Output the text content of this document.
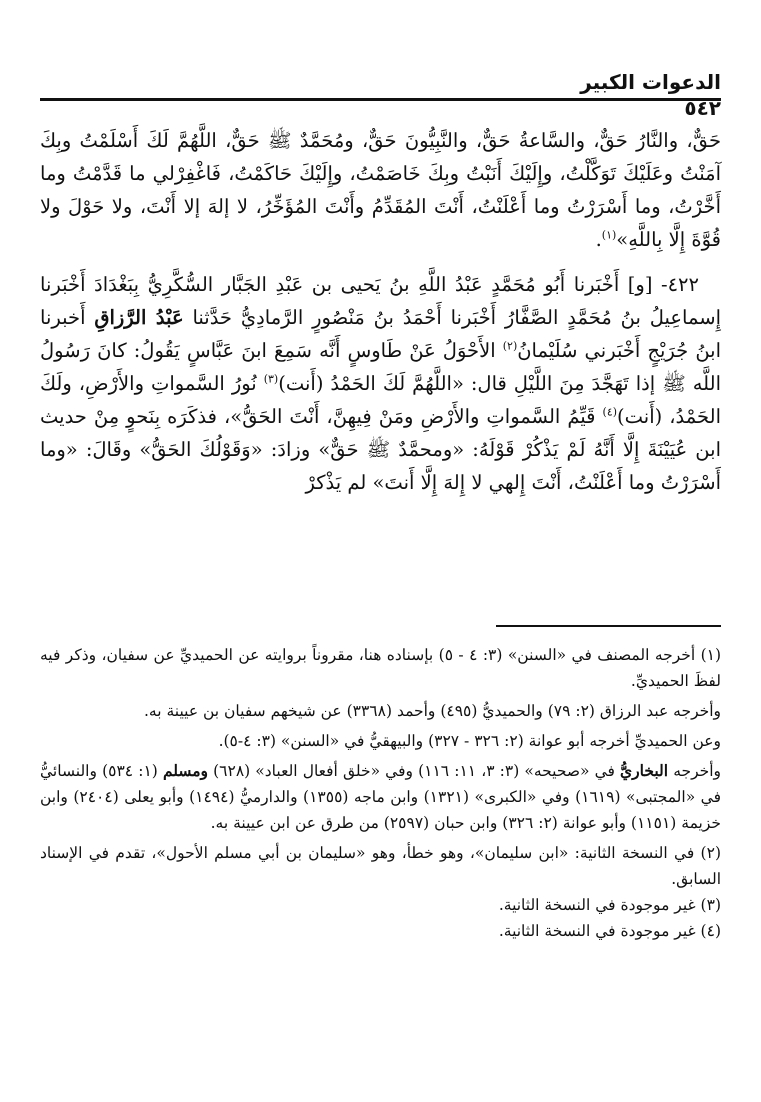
الدعوات الكبير
٥٤٢

حَقٌّ، والنَّارُ حَقٌّ، والسَّاعةُ حَقٌّ، والنَّبِيُّونَ حَقٌّ، ومُحَمَّدٌ ﷺ حَقٌّ، اللَّهُمَّ لَكَ أَسْلَمْتُ وبِكَ آمَنْتُ وعَلَيْكَ تَوَكَّلْتُ، وإِلَيْكَ أَنَبْتُ وبِكَ خَاصَمْتُ، وإِلَيْكَ حَاكَمْتُ، فَاغْفِرْلي ما قَدَّمْتُ وما أَخَّرْتُ، وما أَسْرَرْتُ وما أَعْلَنْتُ، أَنْتَ المُقَدِّمُ وأَنْتَ المُؤَخِّرُ، لا إلهَ إلا أَنْتَ، ولا حَوْلَ ولا قُوَّةَ إِلَّا بِاللَّهِ»$^{(١)}$.

٤٢٢- [و] أَخْبَرنا أَبُو مُحَمَّدٍ عَبْدُ اللَّهِ بنُ يَحيى بن عَبْدِ الجَبَّار السُّكَّرِيُّ بِبَغْدَادَ أَخْبَرنا إِسماعِيلُ بنُ مُحَمَّدٍ الصَّفَّارُ أَخْبَرنا أَحْمَدُ بنُ مَنْصُورٍ الرَّمادِيُّ حَدَّثنا عَبْدُ الرَّزاقِ أَخبرنا ابنُ جُرَيْجٍ أَخْبَرني سُلَيْمانُ$^{(٢)}$ الأَحْوَلُ عَنْ طَاوسٍ أَنَّه سَمِعَ ابنَ عَبَّاسٍ يَقُولُ: كانَ رَسُولُ اللَّه ﷺ إذا تَهَجَّدَ مِنَ اللَّيْلِ قال: «اللَّهُمَّ لَكَ الحَمْدُ (أَنت)$^{(٣)}$ نُورُ السَّمواتِ والأَرْضِ، ولَكَ الحَمْدُ، (أَنت)$^{(٤)}$ قَيِّمُ السَّمواتِ والأَرْضِ ومَنْ فِيهِنَّ، أَنْتَ الحَقُّ»، فذكَرَه بِنَحوٍ مِنْ حديث ابن عُيَيْنَةَ إِلَّا أَنَّهُ لَمْ يَذْكُرْ قَوْلَهُ: «ومحمَّدٌ ﷺ حَقٌّ» وزادَ: «وَقَوْلُكَ الحَقُّ» وقَالَ: «وما أَسْرَرْتُ وما أَعْلَنْتُ، أَنْتَ إِلهي لا إِلهَ إِلَّا أَنتَ» لم يَذْكرْ

(١) أخرجه المصنف في «السنن» (٣: ٤ - ٥) بإسناده هنا، مقروناً بروايته عن الحميديِّ عن سفيان، وذكر فيه لفظَ الحميديِّ.

وأخرجه عبد الرزاق (٢: ٧٩) والحميديُّ (٤٩٥) وأحمد (٣٣٦٨) عن شيخهم سفيان بن عيينة به.

وعن الحميديِّ أخرجه أبو عوانة (٢: ٣٢٦ - ٣٢٧) والبيهقيُّ في «السنن» (٣: ٤-٥).

وأخرجه البخاريُّ في «صحيحه» (٣: ٣، ١١: ١١٦) وفي «خلق أفعال العباد» (٦٢٨) ومسلم (١: ٥٣٤) والنسائيُّ في «المجتبى» (١٦١٩) وفي «الكبرى» (١٣٢١) وابن ماجه (١٣٥٥) والدارميُّ (١٤٩٤) وأبو يعلى (٢٤٠٤) وابن خزيمة (١١٥١) وأبو عوانة (٢: ٣٢٦) وابن حبان (٢٥٩٧) من طرق عن ابن عيينة به.

(٢) في النسخة الثانية: «ابن سليمان»، وهو خطأ، وهو «سليمان بن أبي مسلم الأحول»، تقدم في الإسناد السابق.

(٣) غير موجودة في النسخة الثانية.

(٤) غير موجودة في النسخة الثانية.
